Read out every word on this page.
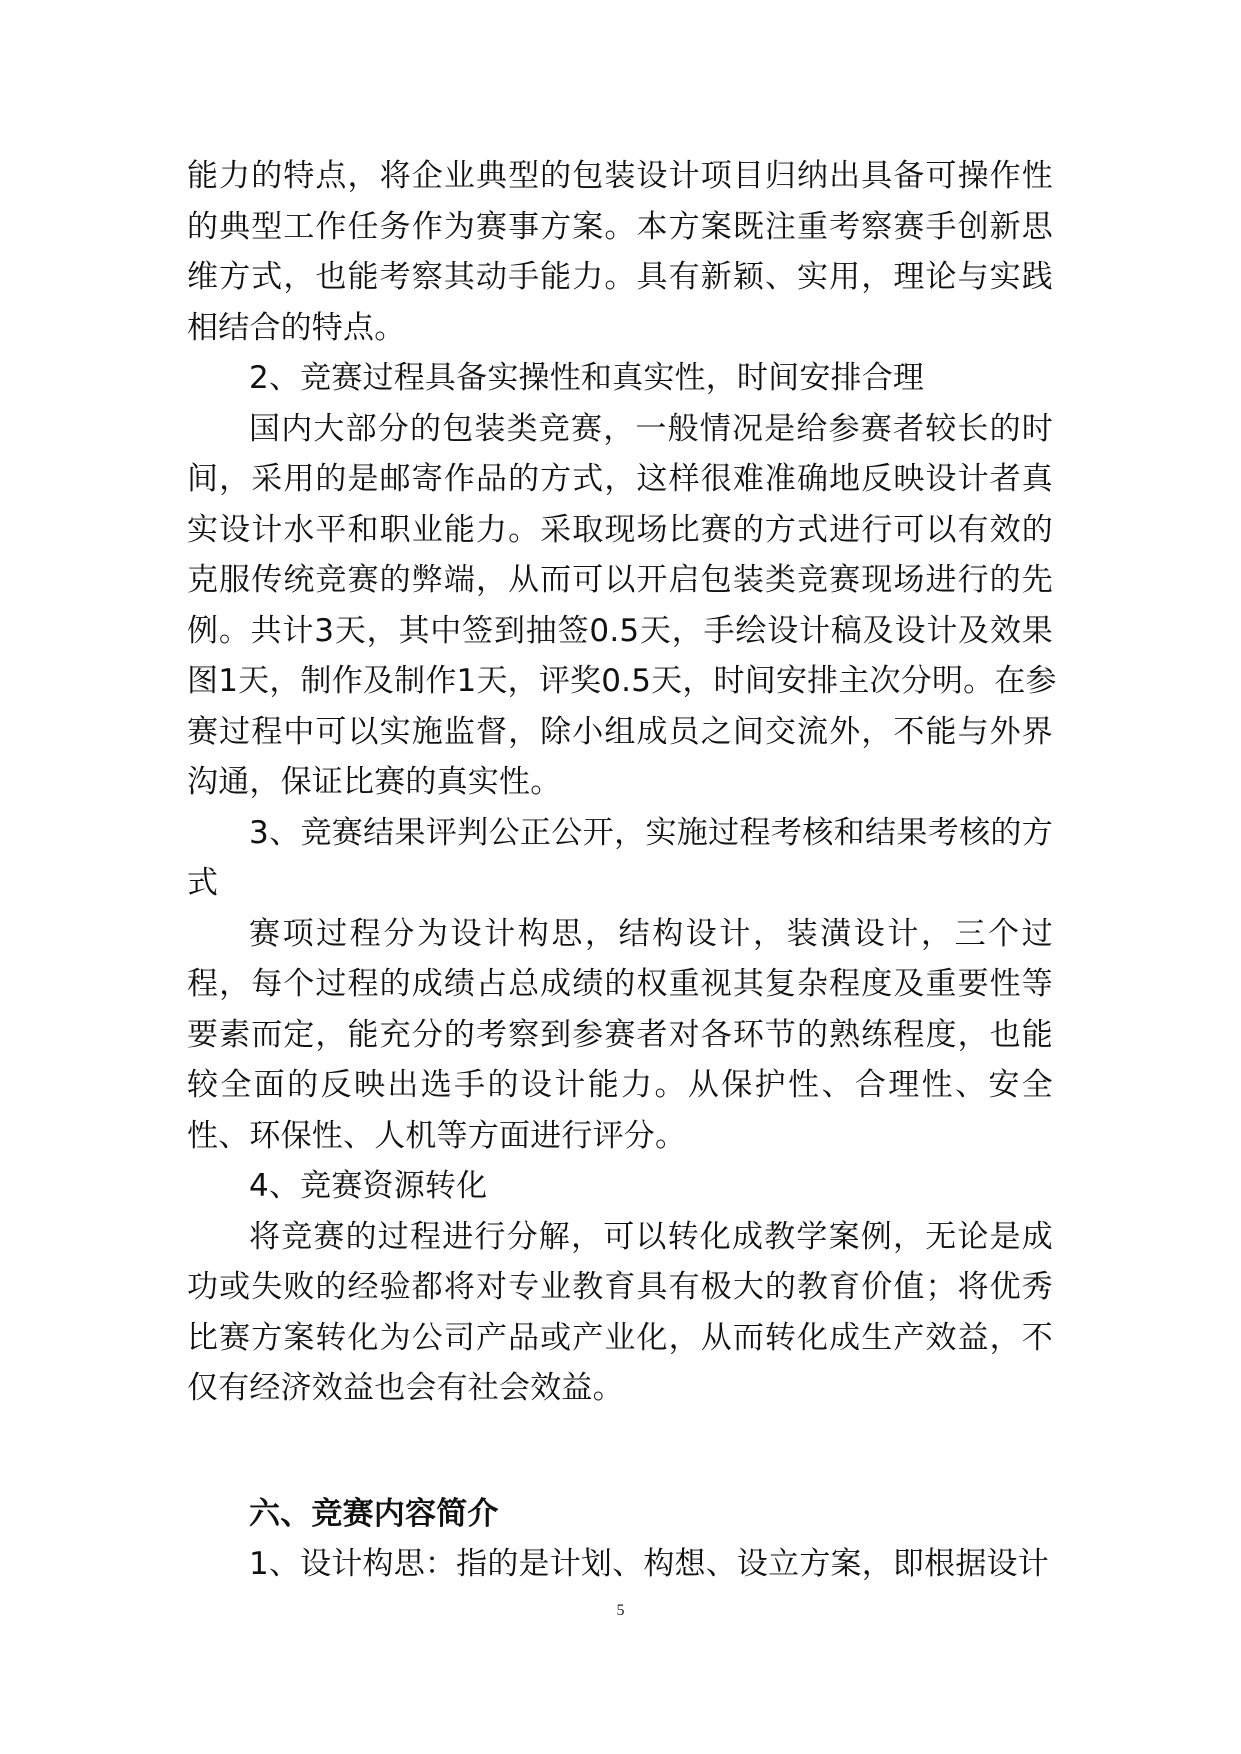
能力的特点，将企业典型的包装设计项目归纳出具备可操作性
的典型工作任务作为赛事方案。本方案既注重考察赛手创新思
维方式，也能考察其动手能力。具有新颖、实用，理论与实践
相结合的特点。
2、竞赛过程具备实操性和真实性，时间安排合理
国内大部分的包装类竞赛，一般情况是给参赛者较长的时
间，采用的是邮寄作品的方式，这样很难准确地反映设计者真
实设计水平和职业能力。采取现场比赛的方式进行可以有效的
克服传统竞赛的弊端，从而可以开启包装类竞赛现场进行的先
例。共计3天，其中签到抽签0.5天，手绘设计稿及设计及效果
图1天，制作及制作1天，评奖0.5天，时间安排主次分明。在参
赛过程中可以实施监督，除小组成员之间交流外，不能与外界
沟通，保证比赛的真实性。
3、竞赛结果评判公正公开，实施过程考核和结果考核的方
式
赛项过程分为设计构思，结构设计，装潢设计，三个过
程，每个过程的成绩占总成绩的权重视其复杂程度及重要性等
要素而定，能充分的考察到参赛者对各环节的熟练程度，也能
较全面的反映出选手的设计能力。从保护性、合理性、安全
性、环保性、人机等方面进行评分。
4、竞赛资源转化
将竞赛的过程进行分解，可以转化成教学案例，无论是成
功或失败的经验都将对专业教育具有极大的教育价值；将优秀
比赛方案转化为公司产品或产业化，从而转化成生产效益，不
仅有经济效益也会有社会效益。
六、竞赛内容简介
1、设计构思：指的是计划、构想、设立方案，即根据设计
5
